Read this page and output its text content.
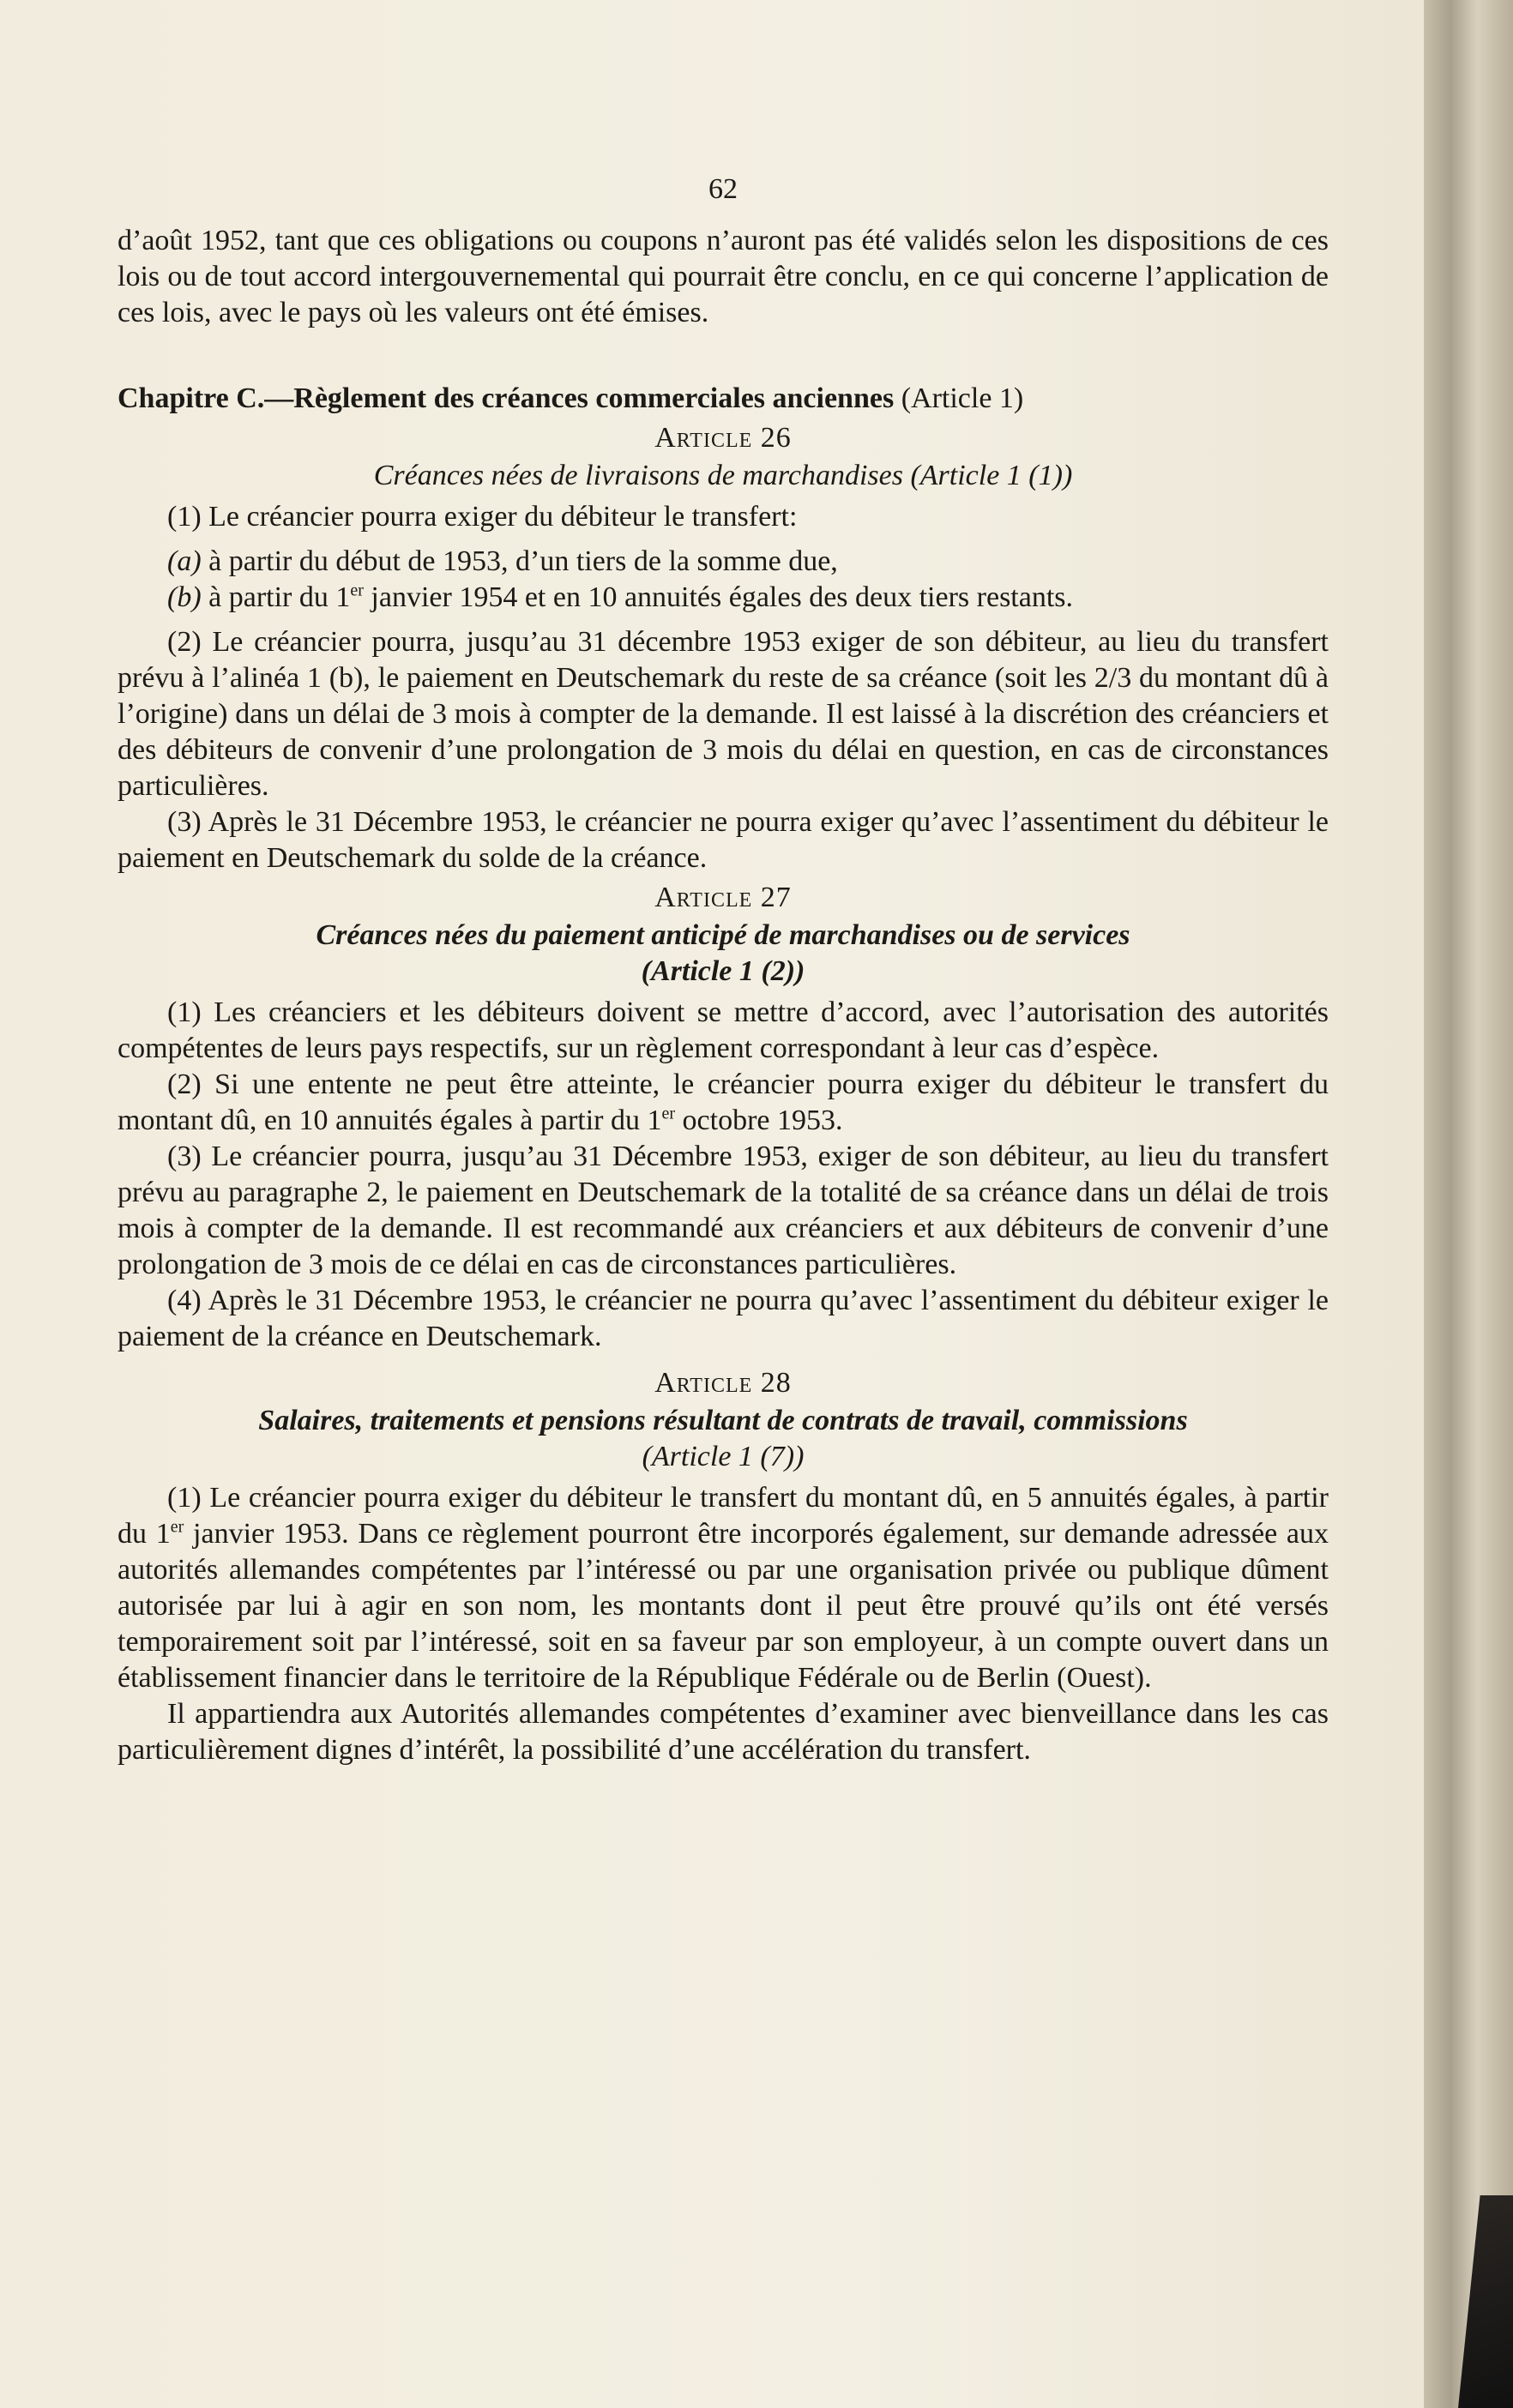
62

d’août 1952, tant que ces obligations ou coupons n’auront pas été validés selon les dispositions de ces lois ou de tout accord intergouvernemental qui pourrait être conclu, en ce qui concerne l’application de ces lois, avec le pays où les valeurs ont été émises.

Chapitre C.—Règlement des créances commerciales anciennes (Article 1)

Article 26
Créances nées de livraisons de marchandises (Article 1 (1))

(1) Le créancier pourra exiger du débiteur le transfert:

(a) à partir du début de 1953, d’un tiers de la somme due,

(b) à partir du 1er janvier 1954 et en 10 annuités égales des deux tiers restants.

(2) Le créancier pourra, jusqu’au 31 décembre 1953 exiger de son débiteur, au lieu du transfert prévu à l’alinéa 1 (b), le paiement en Deutschemark du reste de sa créance (soit les 2/3 du montant dû à l’origine) dans un délai de 3 mois à compter de la demande. Il est laissé à la discrétion des créanciers et des débiteurs de convenir d’une prolongation de 3 mois du délai en question, en cas de circonstances particulières.

(3) Après le 31 Décembre 1953, le créancier ne pourra exiger qu’avec l’assentiment du débiteur le paiement en Deutschemark du solde de la créance.

Article 27
Créances nées du paiement anticipé de marchandises ou de services
(Article 1 (2))

(1) Les créanciers et les débiteurs doivent se mettre d’accord, avec l’autorisation des autorités compétentes de leurs pays respectifs, sur un règlement correspondant à leur cas d’espèce.

(2) Si une entente ne peut être atteinte, le créancier pourra exiger du débiteur le transfert du montant dû, en 10 annuités égales à partir du 1er octobre 1953.

(3) Le créancier pourra, jusqu’au 31 Décembre 1953, exiger de son débiteur, au lieu du transfert prévu au paragraphe 2, le paiement en Deutschemark de la totalité de sa créance dans un délai de trois mois à compter de la demande. Il est recommandé aux créanciers et aux débiteurs de convenir d’une prolongation de 3 mois de ce délai en cas de circonstances particulières.

(4) Après le 31 Décembre 1953, le créancier ne pourra qu’avec l’assentiment du débiteur exiger le paiement de la créance en Deutschemark.

Article 28
Salaires, traitements et pensions résultant de contrats de travail, commissions
(Article 1 (7))

(1) Le créancier pourra exiger du débiteur le transfert du montant dû, en 5 annuités égales, à partir du 1er janvier 1953. Dans ce règlement pourront être incorporés également, sur demande adressée aux autorités allemandes compétentes par l’intéressé ou par une organisation privée ou publique dûment autorisée par lui à agir en son nom, les montants dont il peut être prouvé qu’ils ont été versés temporairement soit par l’intéressé, soit en sa faveur par son employeur, à un compte ouvert dans un établissement financier dans le territoire de la République Fédérale ou de Berlin (Ouest).

Il appartiendra aux Autorités allemandes compétentes d’examiner avec bienveillance dans les cas particulièrement dignes d’intérêt, la possibilité d’une accélération du transfert.
